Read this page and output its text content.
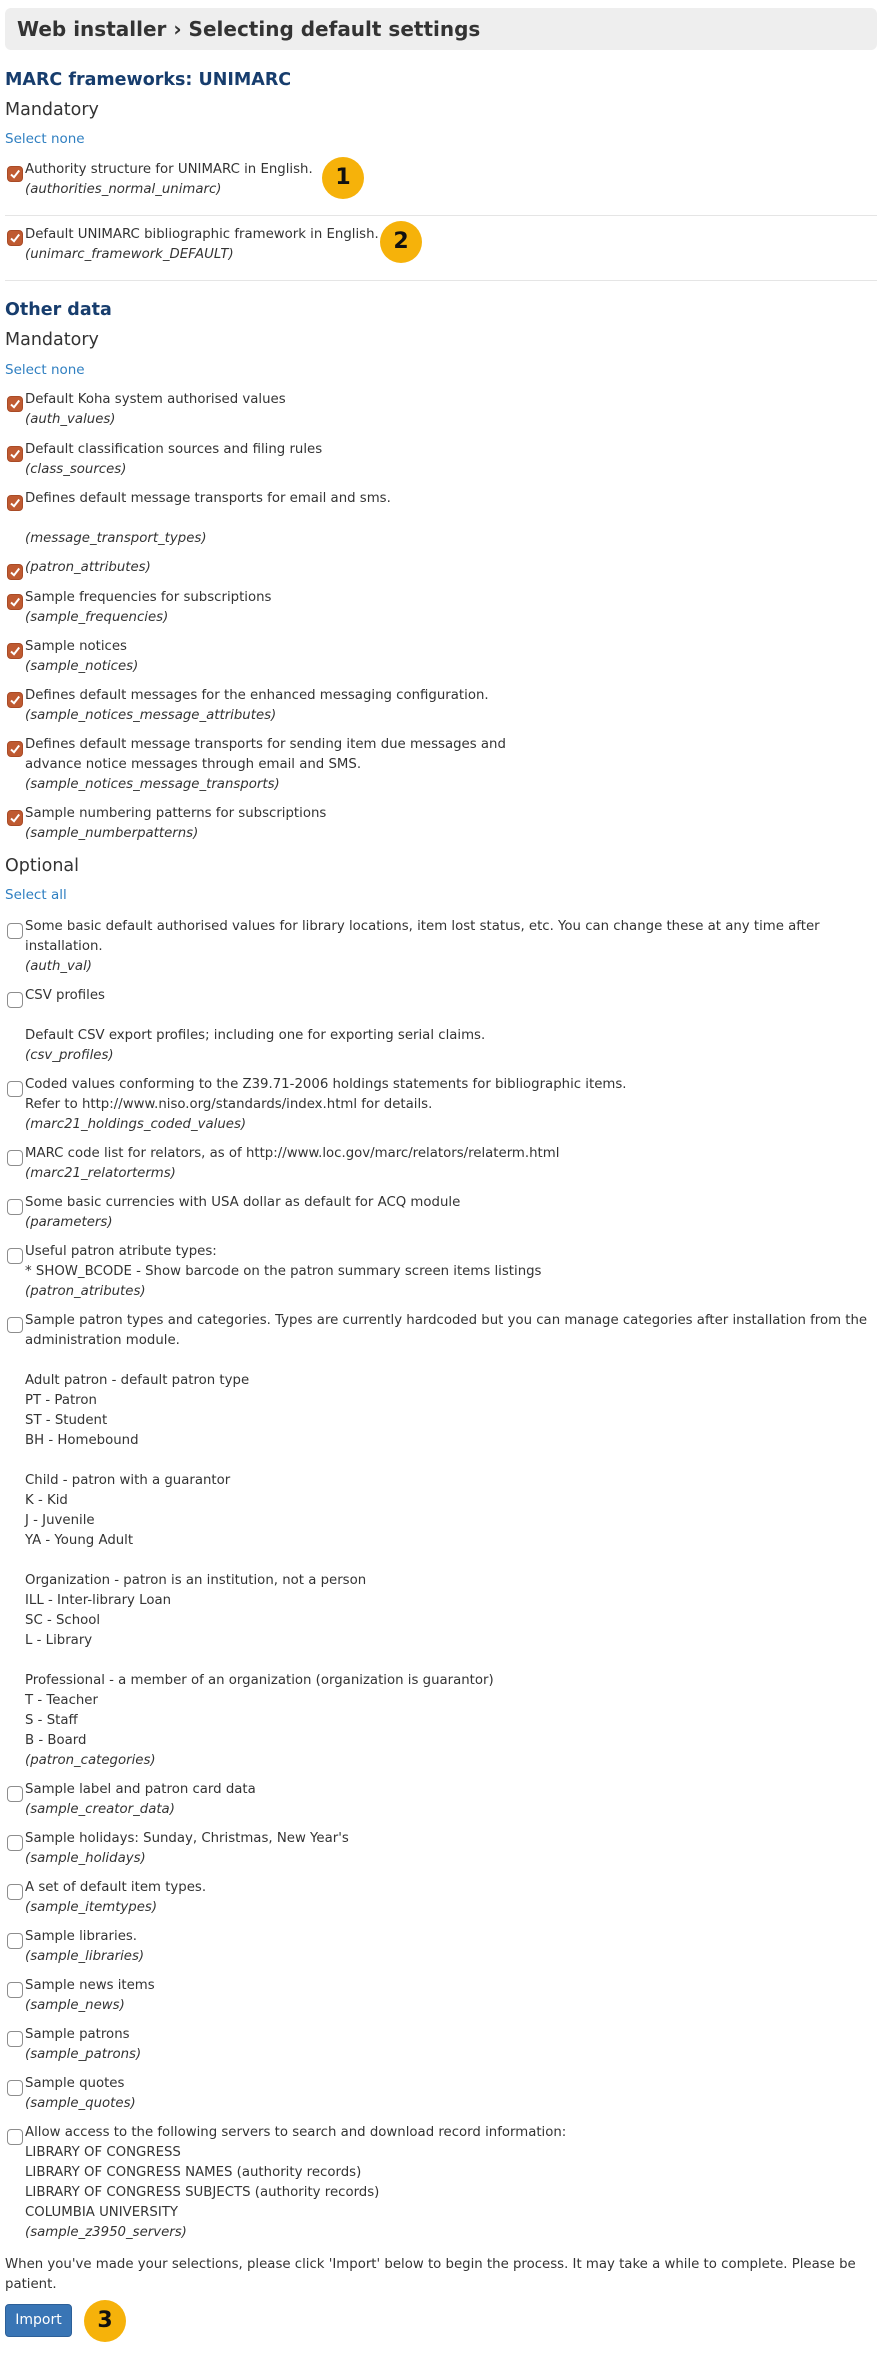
Web installer › Selecting default settings
MARC frameworks: UNIMARC
Mandatory
Select none
Authority structure for UNIMARC in English.
(authorities_normal_unimarc)	1
Default UNIMARC bibliographic framework in English.
(unimarc_framework_DEFAULT)
2
Other data
Mandatory
Select none
Default Koha system authorised values
(auth_values)
Default classification sources and filing rules
(class_sources)
Defines default message transports for email and sms.
(message_transport_types)
(patron_attributes)
Sample frequencies for subscriptions
(sample_frequencies)
Sample notices
(sample_notices)
Defines default messages for the enhanced messaging configuration.
(sample_notices_message_attributes)
Defines default message transports for sending item due messages and
advance notice messages through email and SMS.
(sample_notices_message_transports)
Sample numbering patterns for subscriptions
(sample_numberpatterns)
Optional
Select all
Some basic default authorised values for library locations, item lost status, etc. You can change these at any time after
installation.
(auth_val)
CSV profiles
Default CSV export profiles; including one for exporting serial claims.
(csv_profiles)
Coded values conforming to the Z39.71-2006 holdings statements for bibliographic items.
Refer to http://www.niso.org/standards/index.html for details.
(marc21_holdings_coded_values)
MARC code list for relators, as of http://www.loc.gov/marc/relators/relaterm.html
(marc21_relatorterms)
Some basic currencies with USA dollar as default for ACQ module
(parameters)
Useful patron atribute types:
* SHOW_BCODE - Show barcode on the patron summary screen items listings
(patron_atributes)
Sample patron types and categories. Types are currently hardcoded but you can manage categories after installation from the
administration module.
Adult patron - default patron type
PT - Patron
ST - Student
BH - Homebound
Child - patron with a guarantor
K - Kid
J - Juvenile
YA - Young Adult
Organization - patron is an institution, not a person
ILL - Inter-library Loan
SC - School
L - Library
Professional - a member of an organization (organization is guarantor)
T - Teacher
S - Staff
B - Board
(patron_categories)
Sample label and patron card data
(sample_creator_data)
Sample holidays: Sunday, Christmas, New Year's
(sample_holidays)
A set of default item types.
(sample_itemtypes)
Sample libraries.
(sample_libraries)
Sample news items
(sample_news)
Sample patrons
(sample_patrons)
Sample quotes
(sample_quotes)
Allow access to the following servers to search and download record information:
LIBRARY OF CONGRESS
LIBRARY OF CONGRESS NAMES (authority records)
LIBRARY OF CONGRESS SUBJECTS (authority records)
COLUMBIA UNIVERSITY
(sample_z3950_servers)
When you've made your selections, please click 'Import' below to begin the process. It may take a while to complete. Please be
patient.
Import	3
